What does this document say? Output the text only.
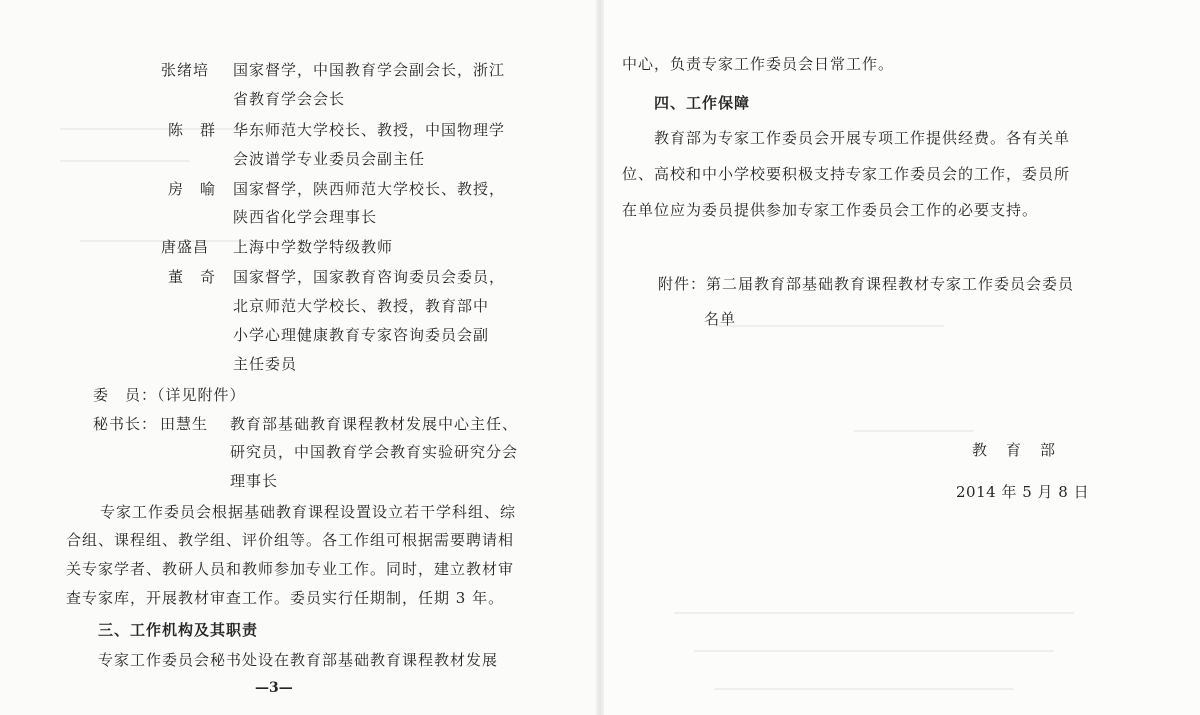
张绪培 国家督学，中国教育学会副会长，浙江
省教育学会会长
陈　群 华东师范大学校长、教授，中国物理学
会波谱学专业委员会副主任
房　喻 国家督学，陕西师范大学校长、教授，
陕西省化学会理事长
唐盛昌 上海中学数学特级教师
董　奇 国家督学，国家教育咨询委员会委员，
北京师范大学校长、教授，教育部中
小学心理健康教育专家咨询委员会副
主任委员
委　员：（详见附件）
秘书长： 田慧生 教育部基础教育课程教材发展中心主任、
研究员，中国教育学会教育实验研究分会
理事长
专家工作委员会根据基础教育课程设置设立若干学科组、综
合组、课程组、教学组、评价组等。各工作组可根据需要聘请相
关专家学者、教研人员和教师参加专业工作。同时，建立教材审
查专家库，开展教材审查工作。委员实行任期制，任期 3 年。
三、工作机构及其职责
专家工作委员会秘书处设在教育部基础教育课程教材发展
—3—
中心，负责专家工作委员会日常工作。
四、工作保障
教育部为专家工作委员会开展专项工作提供经费。各有关单
位、高校和中小学校要积极支持专家工作委员会的工作，委员所
在单位应为委员提供参加专家工作委员会工作的必要支持。
附件：第二届教育部基础教育课程教材专家工作委员会委员
名单
教　育　部
2014 年 5 月 8 日
